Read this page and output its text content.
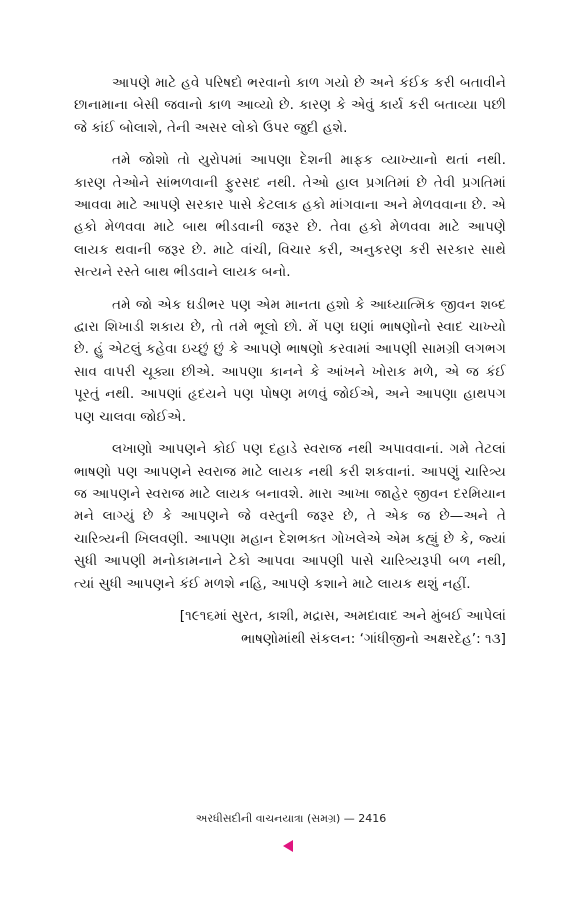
આપણે માટે હવે પરિષદો ભરવાનો કાળ ગયો છે અને કંઈક કરી બતાવીને છાનામાના બેસી જવાનો કાળ આવ્યો છે. કારણ કે એવું કાર્ય કરી બતાવ્યા પછી જે કાંઈ બોલાશે, તેની અસર લોકો ઉપર જુદી હશે.

તમે જોશો તો યુરોપમાં આપણા દેશની માફક વ્યાખ્યાનો થતાં નથી. કારણ તેઓને સાંભળવાની ફુરસદ નથી. તેઓ હાલ પ્રગતિમાં છે તેવી પ્રગતિમાં આવવા માટે આપણે સરકાર પાસે કેટલાક હકો માંગવાના અને મેળવવાના છે. એ હકો મેળવવા માટે બાથ ભીડવાની જરૂર છે. તેવા હકો મેળવવા માટે આપણે લાયક થવાની જરૂર છે. માટે વાંચી, વિચાર કરી, અનુકરણ કરી સરકાર સાથે સત્યને રસ્તે બાથ ભીડવાને લાયક બનો.

તમે જો એક ઘડીભર પણ એમ માનતા હશો કે આધ્યાત્મિક જીવન શબ્દ દ્વારા શિખાડી શકાય છે, તો તમે ભૂલો છો. મેં પણ ઘણાં ભાષણોનો સ્વાદ ચાખ્યો છે. હું એટલું કહેવા ઇચ્છું છું કે આપણે ભાષણો કરવામાં આપણી સામગ્રી લગભગ સાવ વાપરી ચૂક્યા છીએ. આપણા કાનને કે આંખને ખોરાક મળે, એ જ કંઈ પૂરતું નથી. આપણાં હૃદયને પણ પોષણ મળવું જોઈએ, અને આપણા હાથપગ પણ ચાલવા જોઈએ.

લખાણો આપણને કોઈ પણ દહાડે સ્વરાજ નથી અપાવવાનાં. ગમે તેટલાં ભાષણો પણ આપણને સ્વરાજ માટે લાયક નથી કરી શકવાનાં. આપણું ચારિત્ર્ય જ આપણને સ્વરાજ માટે લાયક બનાવશે. મારા આખા જાહેર જીવન દરમિયાન મને લાગ્યું છે કે આપણને જે વસ્તુની જરૂર છે, તે એક જ છે—અને તે ચારિત્ર્યની ખિલવણી. આપણા મહાન દેશભક્ત ગોખલેએ એમ કહ્યું છે કે, જ્યાં સુધી આપણી મનોકામનાને ટેકો આપવા આપણી પાસે ચારિત્ર્યરૂપી બળ નથી, ત્યાં સુધી આપણને કંઈ મળશે નહિ, આપણે કશાને માટે લાયક થશું નહીં.

[૧૯૧૬માં સુરત, કાશી, મદ્રાસ, અમદાવાદ અને મુંબઈ આપેલાં
ભાષણોમાંથી સંકલન: ‘ગાંધીજીનો અક્ષરદેહ’: ૧૩]
અરધીસદીની વાચનયાત્રા (સમગ્ર) — 2416
